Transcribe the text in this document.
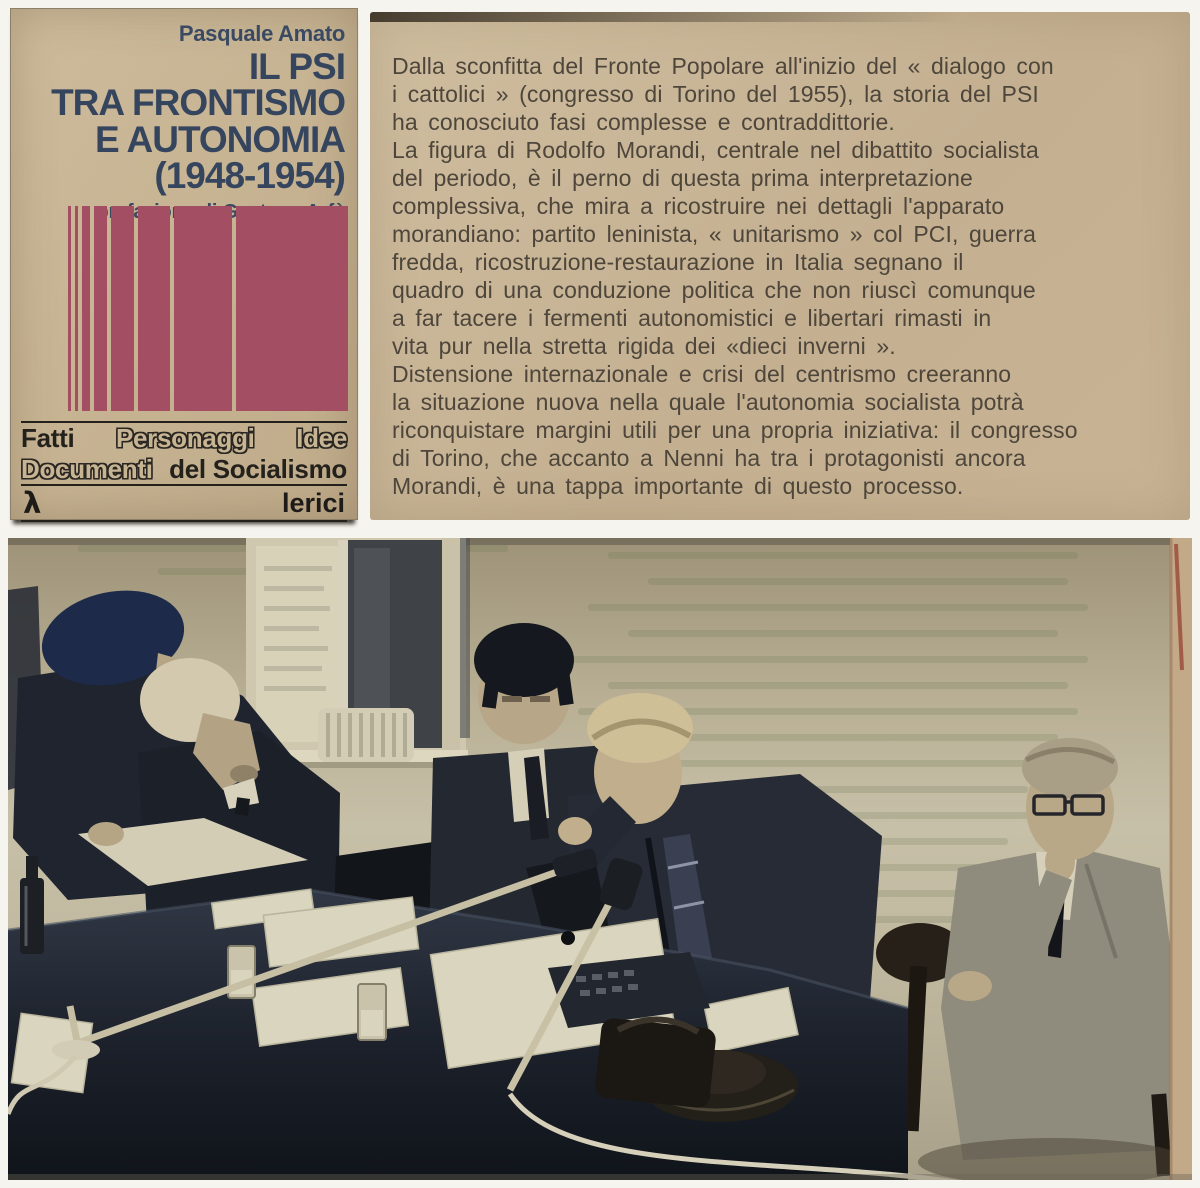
Pasquale Amato
IL PSI
TRA FRONTISMO
E AUTONOMIA
(1948-1954)
Fatti Personaggi Idee
Documenti del Socialismo
λ	lerici
Dalla sconfitta del Fronte Popolare all'inizio del « dialogo con
i cattolici » (congresso di Torino del 1955), la storia del PSI
ha conosciuto fasi complesse e contraddittorie.
La figura di Rodolfo Morandi, centrale nel dibattito socialista
del periodo, è il perno di questa prima interpretazione
complessiva, che mira a ricostruire nei dettagli l'apparato
morandiano: partito leninista, « unitarismo » col PCI, guerra
fredda, ricostruzione-restaurazione in Italia segnano il
quadro di una conduzione politica che non riuscì comunque
a far tacere i fermenti autonomistici e libertari rimasti in
vita pur nella stretta rigida dei «dieci inverni ».
Distensione internazionale e crisi del centrismo creeranno
la situazione nuova nella quale l'autonomia socialista potrà
riconquistare margini utili per una propria iniziativa: il congresso
di Torino, che accanto a Nenni ha tra i protagonisti ancora
Morandi, è una tappa importante di questo processo.
